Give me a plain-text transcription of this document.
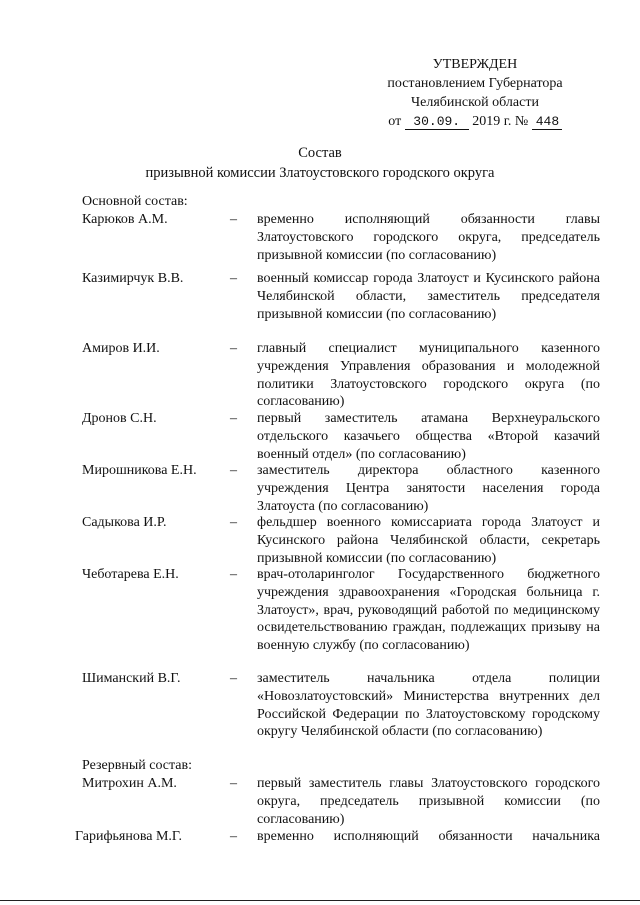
УТВЕРЖДЕН
постановлением Губернатора
Челябинской области
от 30.09. 2019 г. № 448
Состав
призывной комиссии Златоустовского городского округа
Основной состав:
Карюков А.М.	– временно исполняющий обязанности главы Златоустовского городского округа, председатель призывной комиссии (по согласованию)
Казимирчук В.В.	– военный комиссар города Златоуст и Кусинского района Челябинской области, заместитель председателя призывной комиссии (по согласованию)
Амиров И.И.	– главный специалист муниципального казенного учреждения Управления образования и молодежной политики Златоустовского городского округа (по согласованию)
Дронов С.Н.	– первый заместитель атамана Верхнеуральского отдельского казачьего общества «Второй казачий военный отдел» (по согласованию)
Мирошникова Е.Н. – заместитель директора областного казенного учреждения Центра занятости населения города Златоуста (по согласованию)
Садыкова И.Р.	– фельдшер военного комиссариата города Златоуст и Кусинского района Челябинской области, секретарь призывной комиссии (по согласованию)
Чеботарева Е.Н.	– врач-отоларинголог Государственного бюджетного учреждения здравоохранения «Городская больница г. Златоуст», врач, руководящий работой по медицинскому освидетельствованию граждан, подлежащих призыву на военную службу (по согласованию)
Шиманский В.Г.	– заместитель начальника отдела полиции «Новозлатоустовский» Министерства внутренних дел Российской Федерации по Златоустовскому городскому округу Челябинской области (по согласованию)
Резервный состав:
Митрохин А.М.	– первый заместитель главы Златоустовского городского округа, председатель призывной комиссии (по согласованию)
Гарифьянова М.Г.	– временно исполняющий обязанности начальника
